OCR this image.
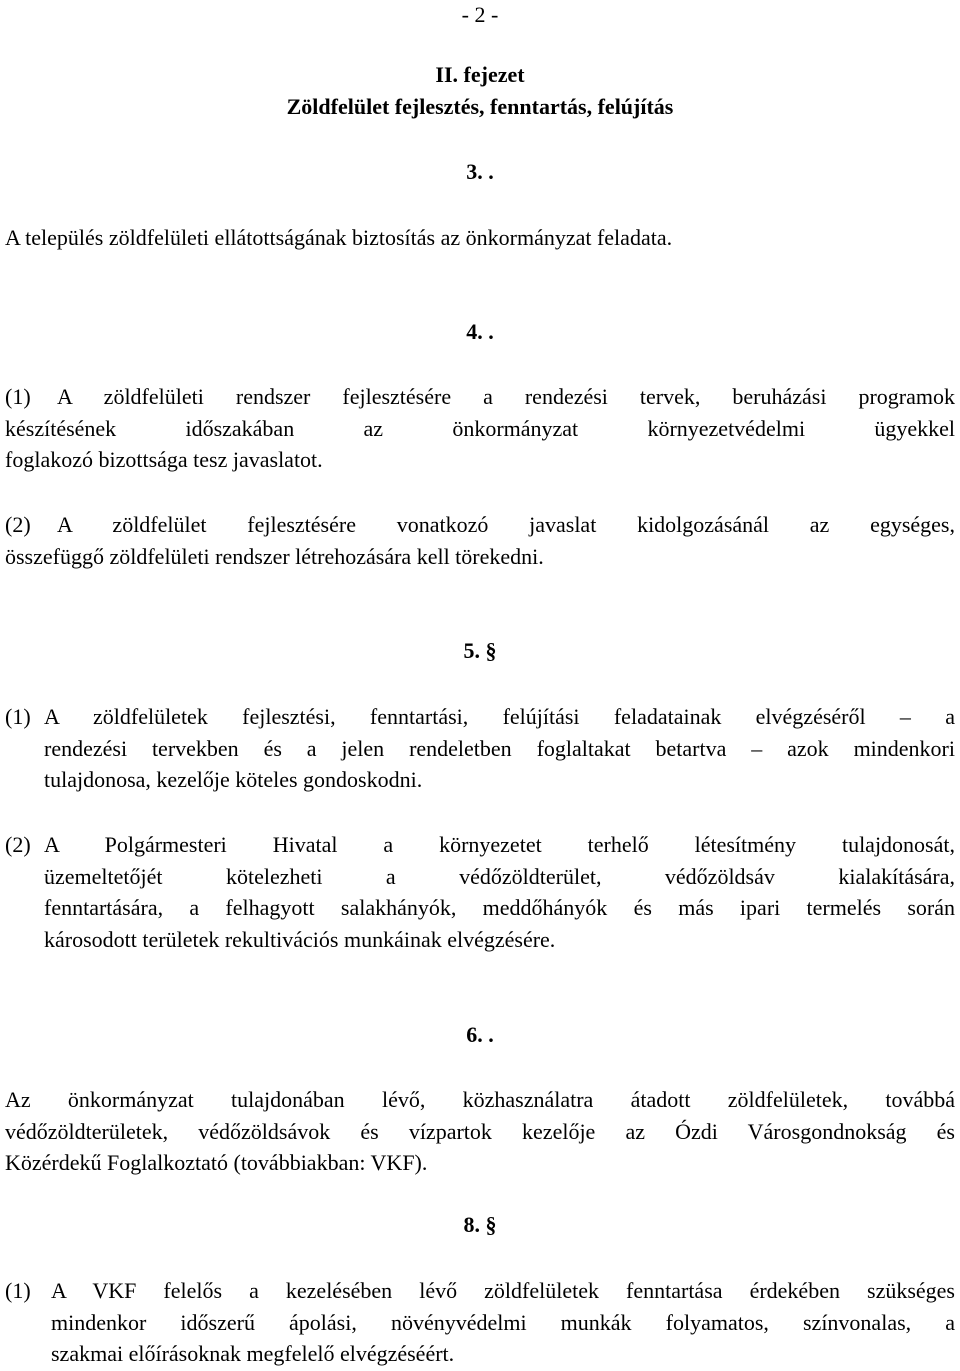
- 2 -
II. fejezet
Zöldfelület fejlesztés, fenntartás, felújítás
3. .
A település zöldfelületi ellátottságának biztosítás az önkormányzat feladata.
4. .
(1) A zöldfelületi rendszer fejlesztésére a rendezési tervek, beruházási programok
készítésének időszakában az önkormányzat környezetvédelmi ügyekkel
foglakozó bizottsága tesz javaslatot.
(2) A zöldfelület fejlesztésére vonatkozó javaslat kidolgozásánál az egységes,
összefüggő zöldfelületi rendszer létrehozására kell törekedni.
5. §
(1) A zöldfelületek fejlesztési, fenntartási, felújítási feladatainak elvégzéséről – a
rendezési tervekben és a jelen rendeletben foglaltakat betartva – azok mindenkori
tulajdonosa, kezelője köteles gondoskodni.
(2) A Polgármesteri Hivatal a környezetet terhelő létesítmény tulajdonosát,
üzemeltetőjét kötelezheti a védőzöldterület, védőzöldsáv kialakítására,
fenntartására, a felhagyott salakhányók, meddőhányók és más ipari termelés során
károsodott területek rekultivációs munkáinak elvégzésére.
6. .
Az önkormányzat tulajdonában lévő, közhasználatra átadott zöldfelületek, továbbá
védőzöldterületek, védőzöldsávok és vízpartok kezelője az Ózdi Városgondnokság és
Közérdekű Foglalkoztató (továbbiakban: VKF).
8. §
(1) A VKF felelős a kezelésében lévő zöldfelületek fenntartása érdekében szükséges
mindenkor időszerű ápolási, növényvédelmi munkák folyamatos, színvonalas, a
szakmai előírásoknak megfelelő elvégzéséért.
